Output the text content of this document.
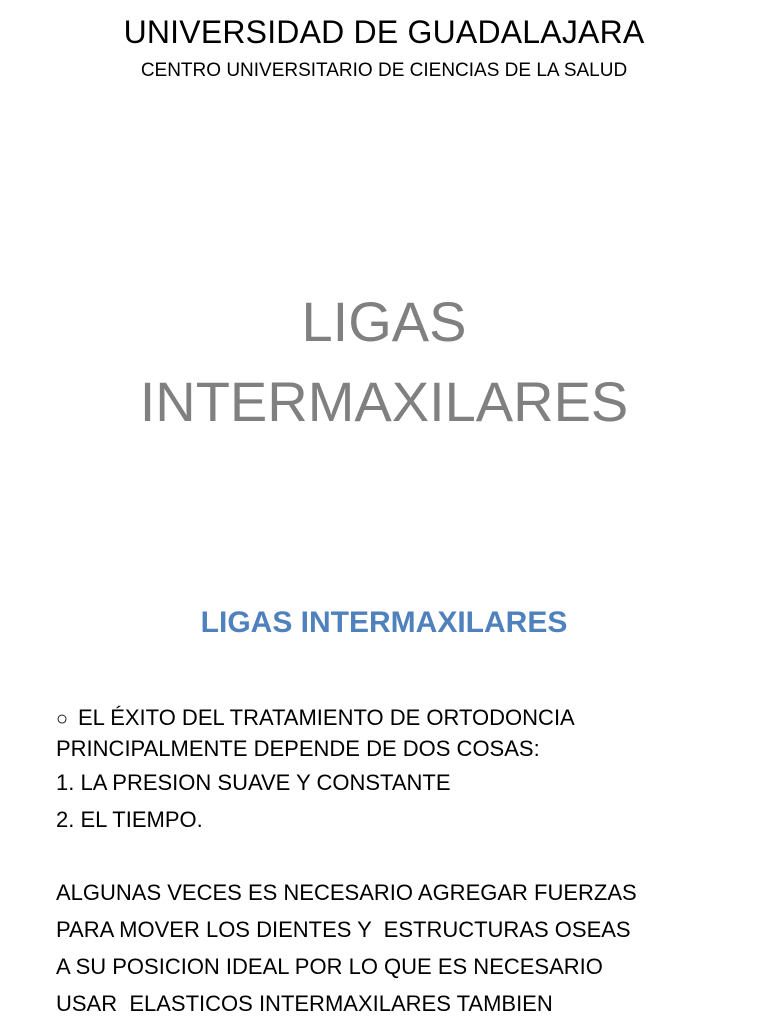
UNIVERSIDAD DE GUADALAJARA
CENTRO UNIVERSITARIO DE CIENCIAS DE LA SALUD
LIGAS
INTERMAXILARES
LIGAS INTERMAXILARES
○ EL ÉXITO DEL TRATAMIENTO DE ORTODONCIA
PRINCIPALMENTE DEPENDE DE DOS COSAS:
1. LA PRESION SUAVE Y CONSTANTE
2. EL TIEMPO.
ALGUNAS VECES ES NECESARIO AGREGAR FUERZAS
PARA MOVER LOS DIENTES Y  ESTRUCTURAS OSEAS
A SU POSICION IDEAL POR LO QUE ES NECESARIO
USAR  ELASTICOS INTERMAXILARES TAMBIEN
